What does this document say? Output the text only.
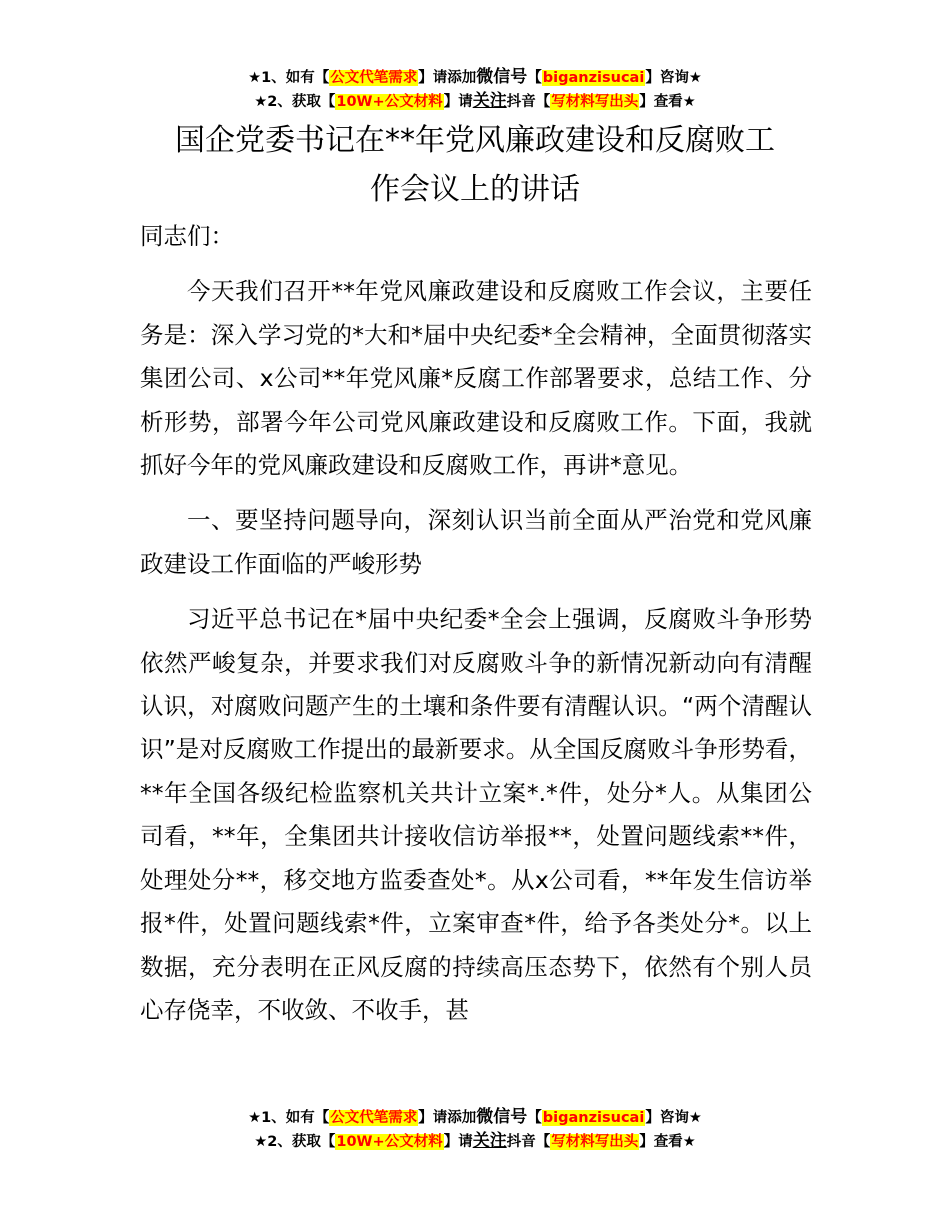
★1、如有【公文代笔需求】请添加微信号【biganzisucai】咨询★
★2、获取【10W+公文材料】请关注抖音【写材料写出头】查看★
国企党委书记在**年党风廉政建设和反腐败工
作会议上的讲话

同志们：

今天我们召开**年党风廉政建设和反腐败工作会议，主要任务是：深入学习党的*大和*届中央纪委*全会精神，全面贯彻落实集团公司、x公司**年党风廉*反腐工作部署要求，总结工作、分析形势，部署今年公司党风廉政建设和反腐败工作。下面，我就抓好今年的党风廉政建设和反腐败工作，再讲*意见。

一、要坚持问题导向，深刻认识当前全面从严治党和党风廉政建设工作面临的严峻形势

习近平总书记在*届中央纪委*全会上强调，反腐败斗争形势依然严峻复杂，并要求我们对反腐败斗争的新情况新动向有清醒认识，对腐败问题产生的土壤和条件要有清醒认识。“两个清醒认识”是对反腐败工作提出的最新要求。从全国反腐败斗争形势看，**年全国各级纪检监察机关共计立案*.*件，处分*人。从集团公司看，**年，全集团共计接收信访举报**，处置问题线索**件，处理处分**，移交地方监委查处*。从x公司看，**年发生信访举报*件，处置问题线索*件，立案审查*件，给予各类处分*。以上数据，充分表明在正风反腐的持续高压态势下，依然有个别人员心存侥幸，不收敛、不收手，甚

★1、如有【公文代笔需求】请添加微信号【biganzisucai】咨询★
★2、获取【10W+公文材料】请关注抖音【写材料写出头】查看★
